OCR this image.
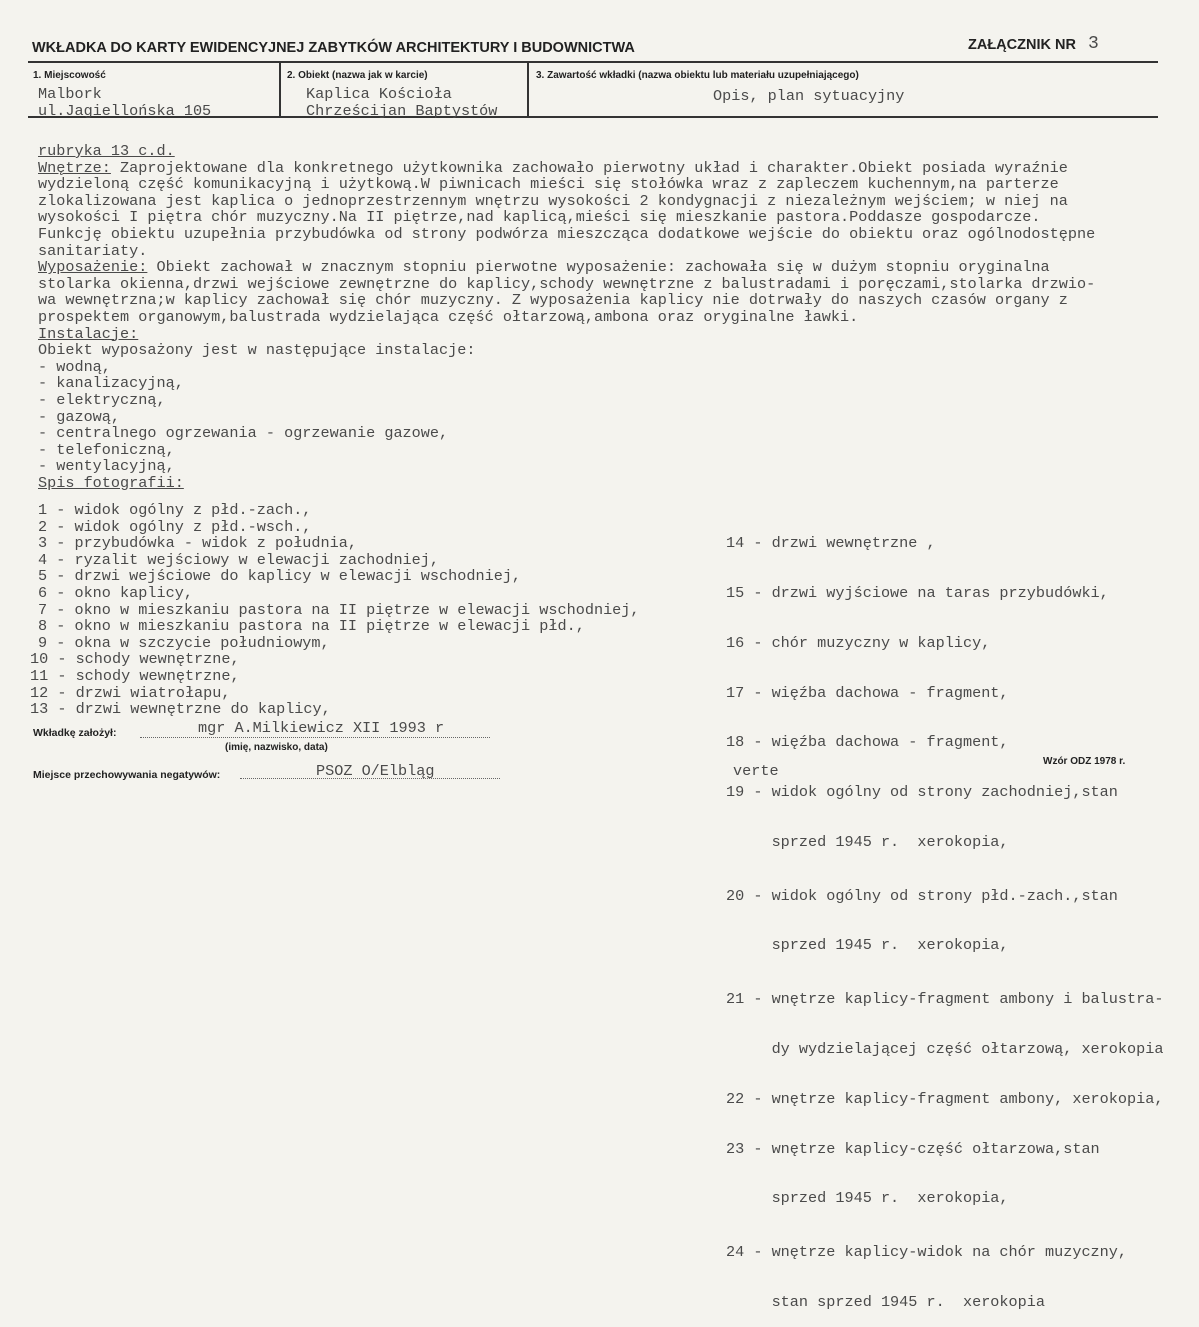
WKŁADKA DO KARTY EWIDENCYJNEJ ZABYTKÓW ARCHITEKTURY I BUDOWNICTWA	ZAŁĄCZNIK NR 3
1. Miejscowość
Malbork
ul.Jagiellońska 105
2. Obiekt (nazwa jak w karcie)
Kaplica Kościoła
Chrześcijan Baptystów
3. Zawartość wkładki (nazwa obiektu lub materiału uzupełniającego)
Opis, plan sytuacyjny
rubryka 13 c.d.
Wnętrze: Zaprojektowane dla konkretnego użytkownika zachowało pierwotny układ i charakter.Obiekt posiada wyraźnie
wydzieloną część komunikacyjną i użytkową.W piwnicach mieści się stołówka wraz z zapleczem kuchennym,na parterze
zlokalizowana jest kaplica o jednoprzestrzennym wnętrzu wysokości 2 kondygnacji z niezależnym wejściem; w niej na
wysokości I piętra chór muzyczny.Na II piętrze,nad kaplicą,mieści się mieszkanie pastora.Poddasze gospodarcze.
Funkcję obiektu uzupełnia przybudówka od strony podwórza mieszcząca dodatkowe wejście do obiektu oraz ogólnodostępne
sanitariaty.
Wyposażenie: Obiekt zachował w znacznym stopniu pierwotne wyposażenie: zachowała się w dużym stopniu oryginalna
stolarka okienna,drzwi wejściowe zewnętrzne do kaplicy,schody wewnętrzne z balustradami i poręczami,stolarka drzwio-
wa wewnętrzna;w kaplicy zachował się chór muzyczny. Z wyposażenia kaplicy nie dotrwały do naszych czasów organy z
prospektem organowym,balustrada wydzielająca część ołtarzową,ambona oraz oryginalne ławki.
Instalacje:
Obiekt wyposażony jest w następujące instalacje:
- wodną,
- kanalizacyjną,
- elektryczną,
- gazową,
- centralnego ogrzewania - ogrzewanie gazowe,
- telefoniczną,
- wentylacyjną,
Spis fotografii:
1 - widok ogólny z płd.-zach.,
2 - widok ogólny z płd.-wsch.,
3 - przybudówka - widok z południa,
4 - ryzalit wejściowy w elewacji zachodniej,
5 - drzwi wejściowe do kaplicy w elewacji wschodniej,
6 - okno kaplicy,
7 - okno w mieszkaniu pastora na II piętrze w elewacji wschodniej,
8 - okno w mieszkaniu pastora na II piętrze w elewacji płd.,
9 - okna w szczycie południowym,
10 - schody wewnętrzne,
11 - schody wewnętrzne,
12 - drzwi wiatrołapu,
13 - drzwi wewnętrzne do kaplicy,

14 - drzwi wewnętrzne ,

15 - drzwi wyjściowe na taras przybudówki,

16 - chór muzyczny w kaplicy,

17 - więźba dachowa - fragment,

18 - więźba dachowa - fragment,

19 - widok ogólny od strony zachodniej,stan

sprzed 1945 r.  xerokopia,

20 - widok ogólny od strony płd.-zach.,stan

sprzed 1945 r.  xerokopia,

21 - wnętrze kaplicy-fragment ambony i balustra-

dy wydzielającej część ołtarzową, xerokopia

22 - wnętrze kaplicy-fragment ambony, xerokopia,

23 - wnętrze kaplicy-część ołtarzowa,stan

sprzed 1945 r.  xerokopia,

24 - wnętrze kaplicy-widok na chór muzyczny,

stan sprzed 1945 r.  xerokopia

Wkładkę założył:	mgr A.Milkiewicz XII 1993 r
(imię, nazwisko, data)
Miejsce przechowywania negatywów:	PSOZ O/Elbląg	verte
Wzór ODZ 1978 r.
